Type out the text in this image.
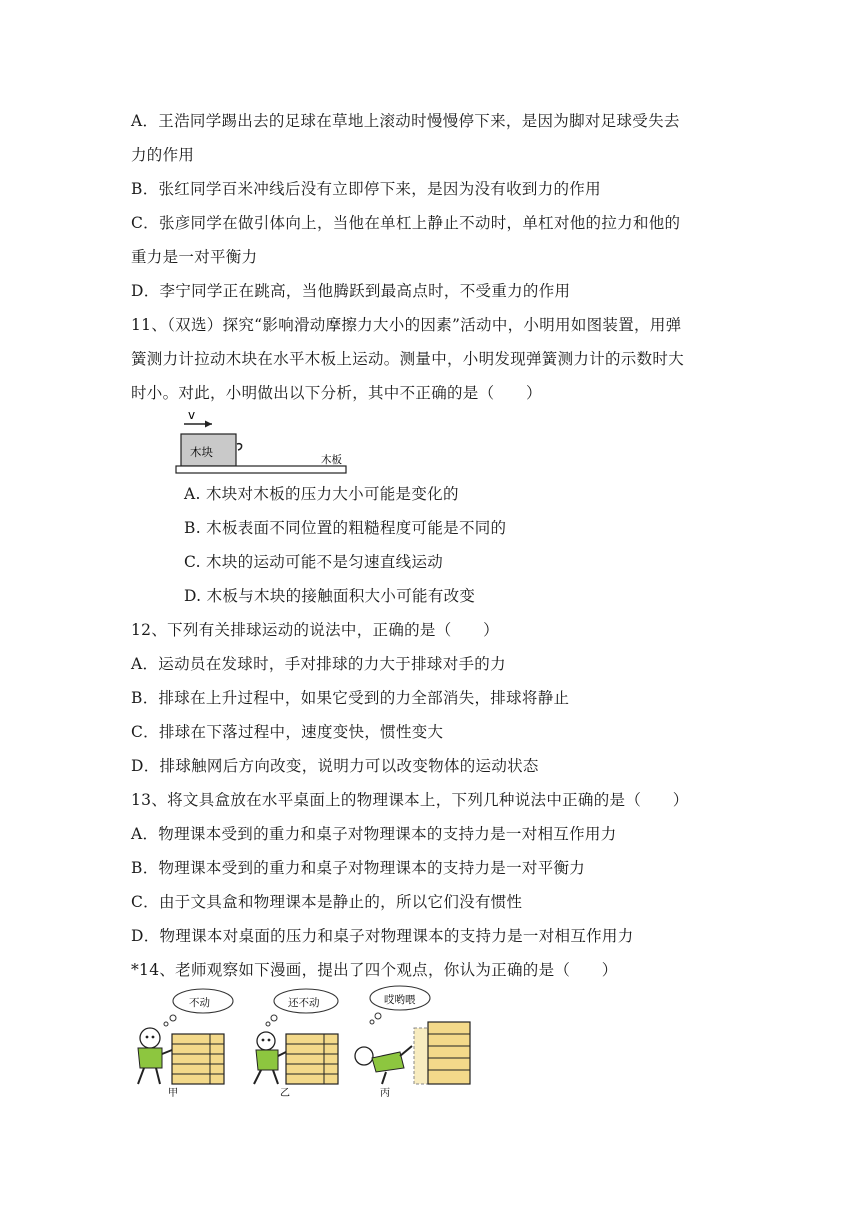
A．王浩同学踢出去的足球在草地上滚动时慢慢停下来，是因为脚对足球受失去
力的作用
B．张红同学百米冲线后没有立即停下来，是因为没有收到力的作用
C．张彦同学在做引体向上，当他在单杠上静止不动时，单杠对他的拉力和他的
重力是一对平衡力
D．李宁同学正在跳高，当他腾跃到最高点时，不受重力的作用
11、（双选）探究“影响滑动摩擦力大小的因素”活动中，小明用如图装置，用弹
簧测力计拉动木块在水平木板上运动。测量中，小明发现弹簧测力计的示数时大
时小。对此，小明做出以下分析，其中不正确的是（　　）
v
木块
木板
A. 木块对木板的压力大小可能是变化的
B. 木板表面不同位置的粗糙程度可能是不同的
C. 木块的运动可能不是匀速直线运动
D. 木板与木块的接触面积大小可能有改变
12、下列有关排球运动的说法中，正确的是（　　）
A．运动员在发球时，手对排球的力大于排球对手的力
B．排球在上升过程中，如果它受到的力全部消失，排球将静止
C．排球在下落过程中，速度变快，惯性变大
D．排球触网后方向改变，说明力可以改变物体的运动状态
13、将文具盒放在水平桌面上的物理课本上，下列几种说法中正确的是（　　）
A．物理课本受到的重力和桌子对物理课本的支持力是一对相互作用力
B．物理课本受到的重力和桌子对物理课本的支持力是一对平衡力
C．由于文具盒和物理课本是静止的，所以它们没有惯性
D．物理课本对桌面的压力和桌子对物理课本的支持力是一对相互作用力
*14、老师观察如下漫画，提出了四个观点，你认为正确的是（　　）
不动
甲
还不动
乙
哎哟喂
丙
